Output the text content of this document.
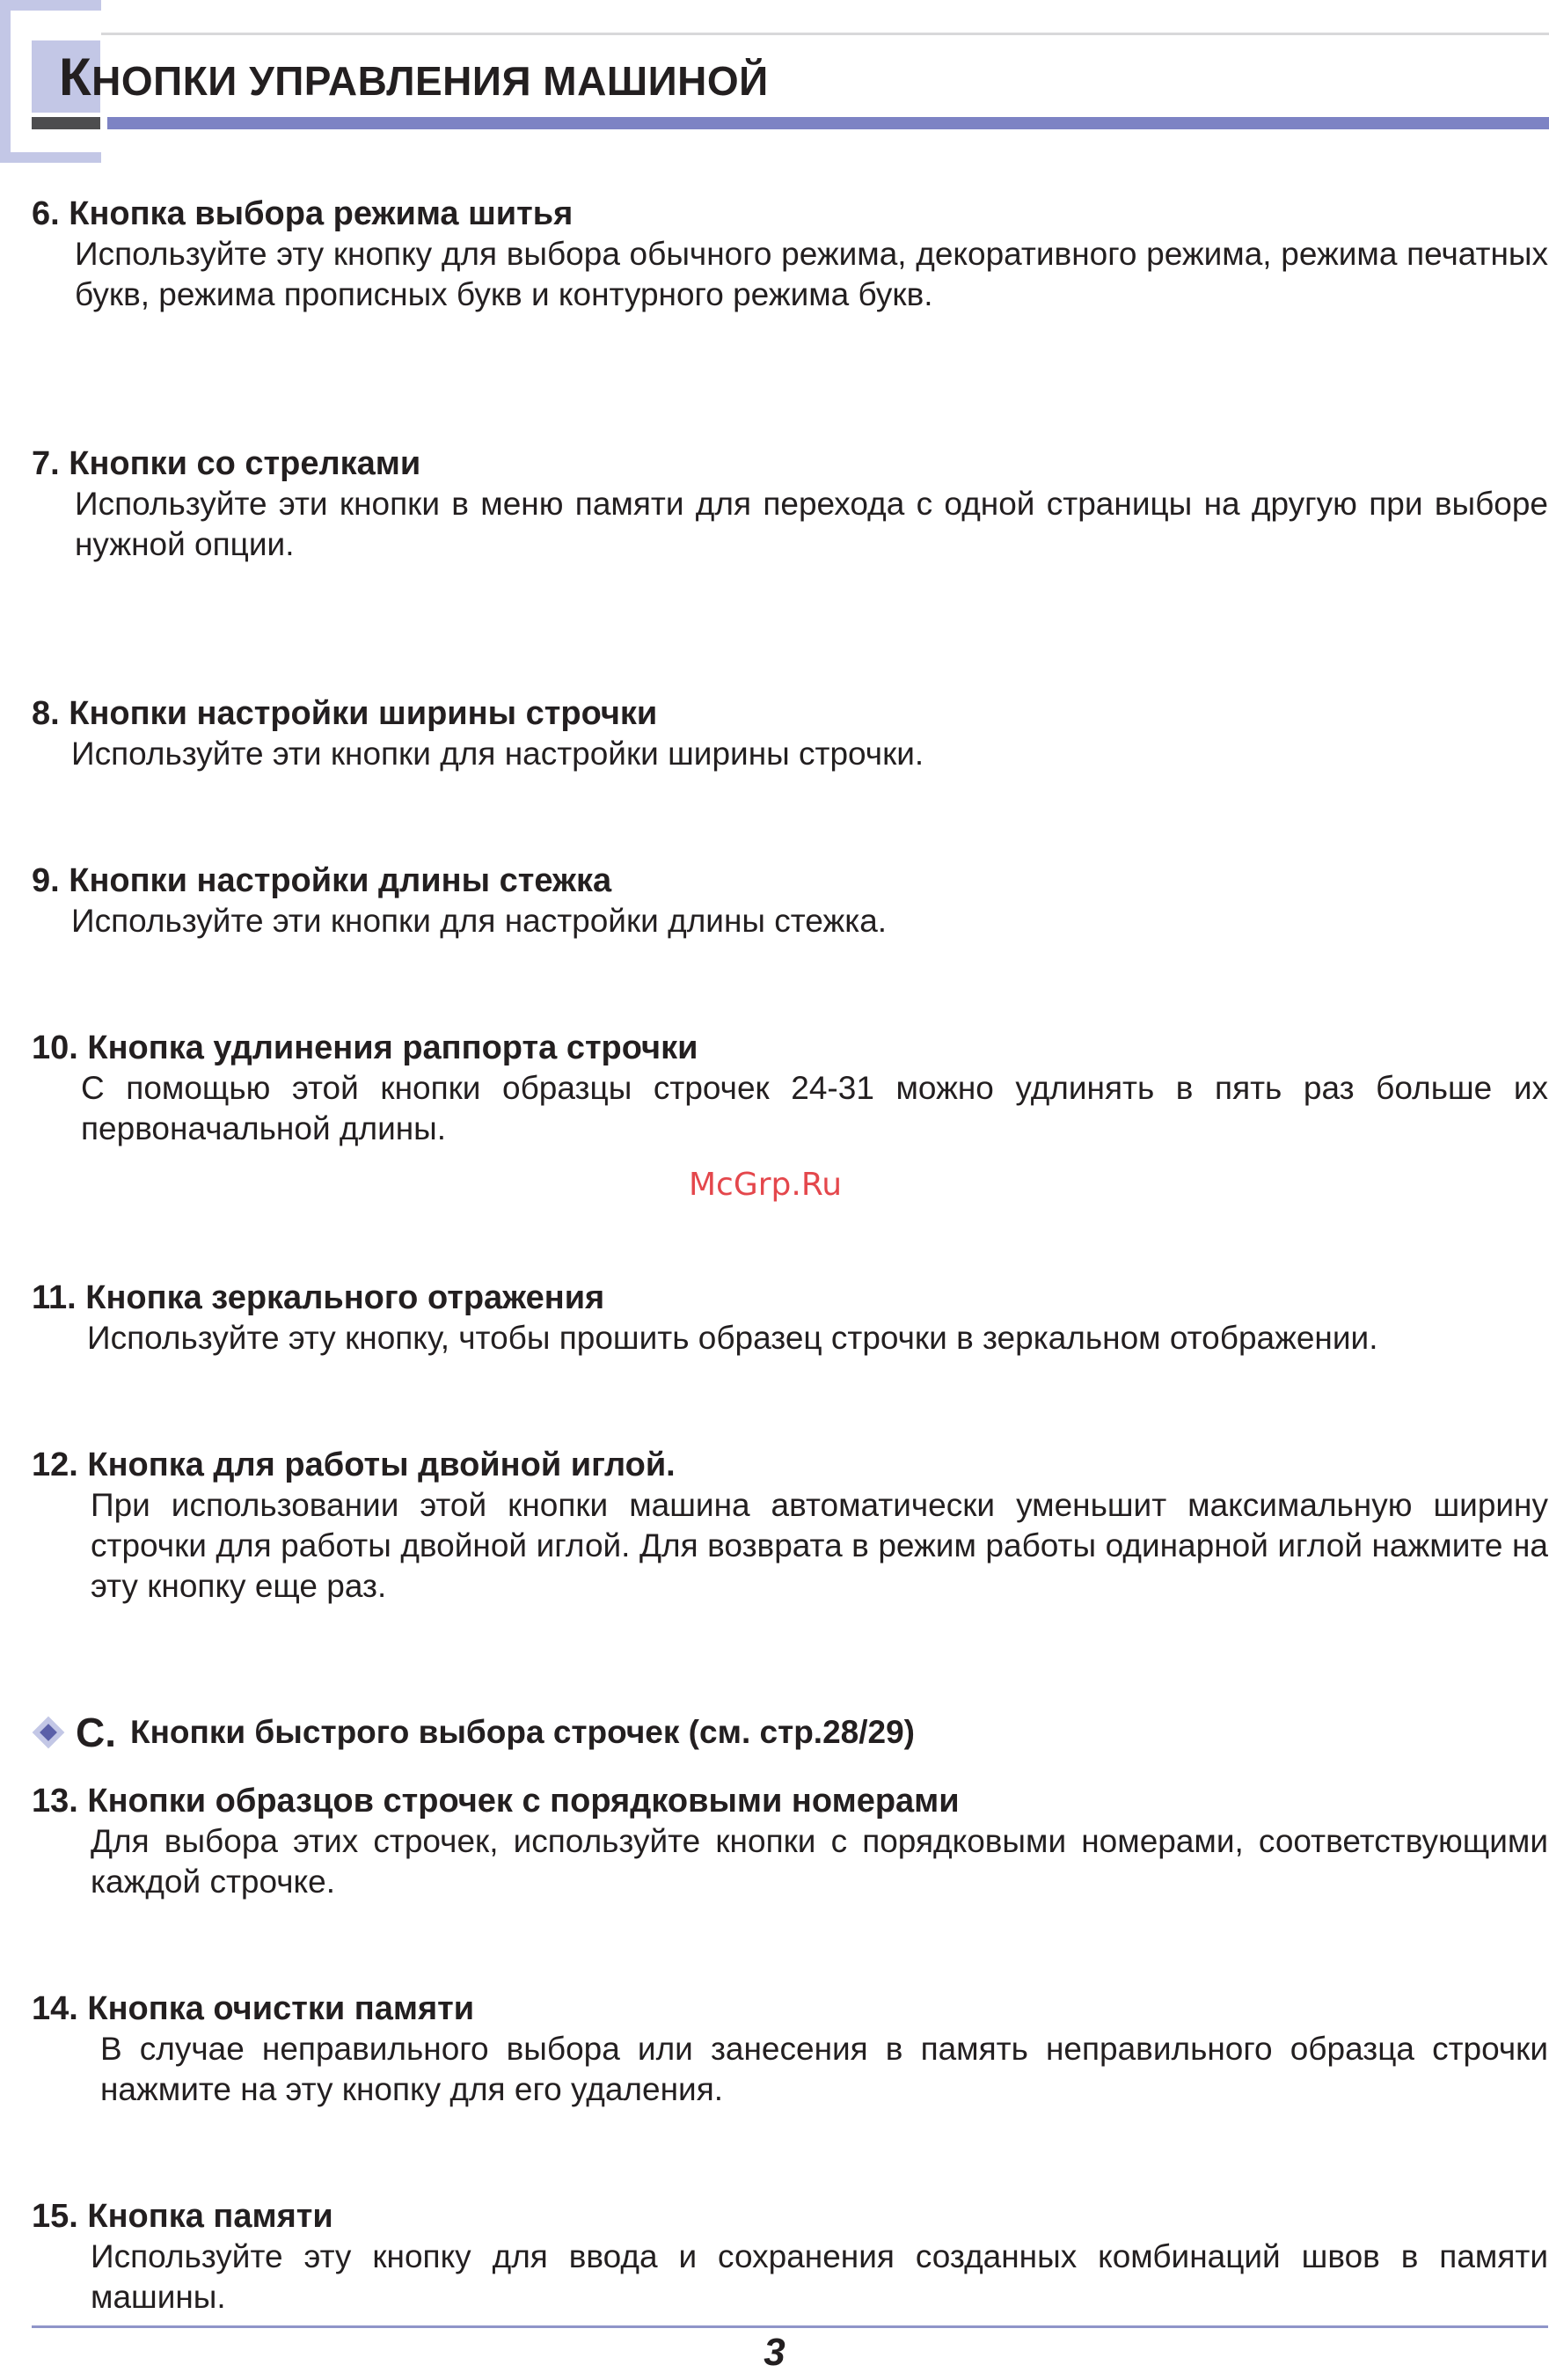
КНОПКИ УПРАВЛЕНИЯ МАШИНОЙ
6. Кнопка выбора режима шитья

Используйте эту кнопку для выбора обычного режима, декоративного режима, режима печатных букв, режима прописных букв и контурного режима букв.

7. Кнопки со стрелками

Используйте эти кнопки в меню памяти для перехода с одной страницы на другую при выборе нужной опции.

8. Кнопки настройки ширины строчки

Используйте эти кнопки для настройки ширины строчки.

9. Кнопки настройки длины стежка

Используйте эти кнопки для настройки длины стежка.

10. Кнопка удлинения раппорта строчки

С помощью этой кнопки образцы строчек 24-31 можно удлинять в пять раз больше их первоначальной длины.

11. Кнопка зеркального отражения

Используйте эту кнопку, чтобы прошить образец строчки в зеркальном отображении.

12. Кнопка для работы двойной иглой.

При использовании этой кнопки машина автоматически уменьшит максимальную ширину строчки для работы двойной иглой. Для возврата в режим работы одинарной иглой нажмите на эту кнопку еще раз.

C. Кнопки быстрого выбора строчек (см. стр.28/29)
13. Кнопки образцов строчек с порядковыми номерами

Для выбора этих строчек, используйте кнопки с порядковыми номерами, соответствующими каждой строчке.

14. Кнопка очистки памяти

В случае неправильного выбора или занесения в память неправильного образца строчки нажмите на эту кнопку для его удаления.

15. Кнопка памяти

Используйте эту кнопку для ввода и сохранения созданных комбинаций швов в памяти машины.

McGrp.Ru
3
